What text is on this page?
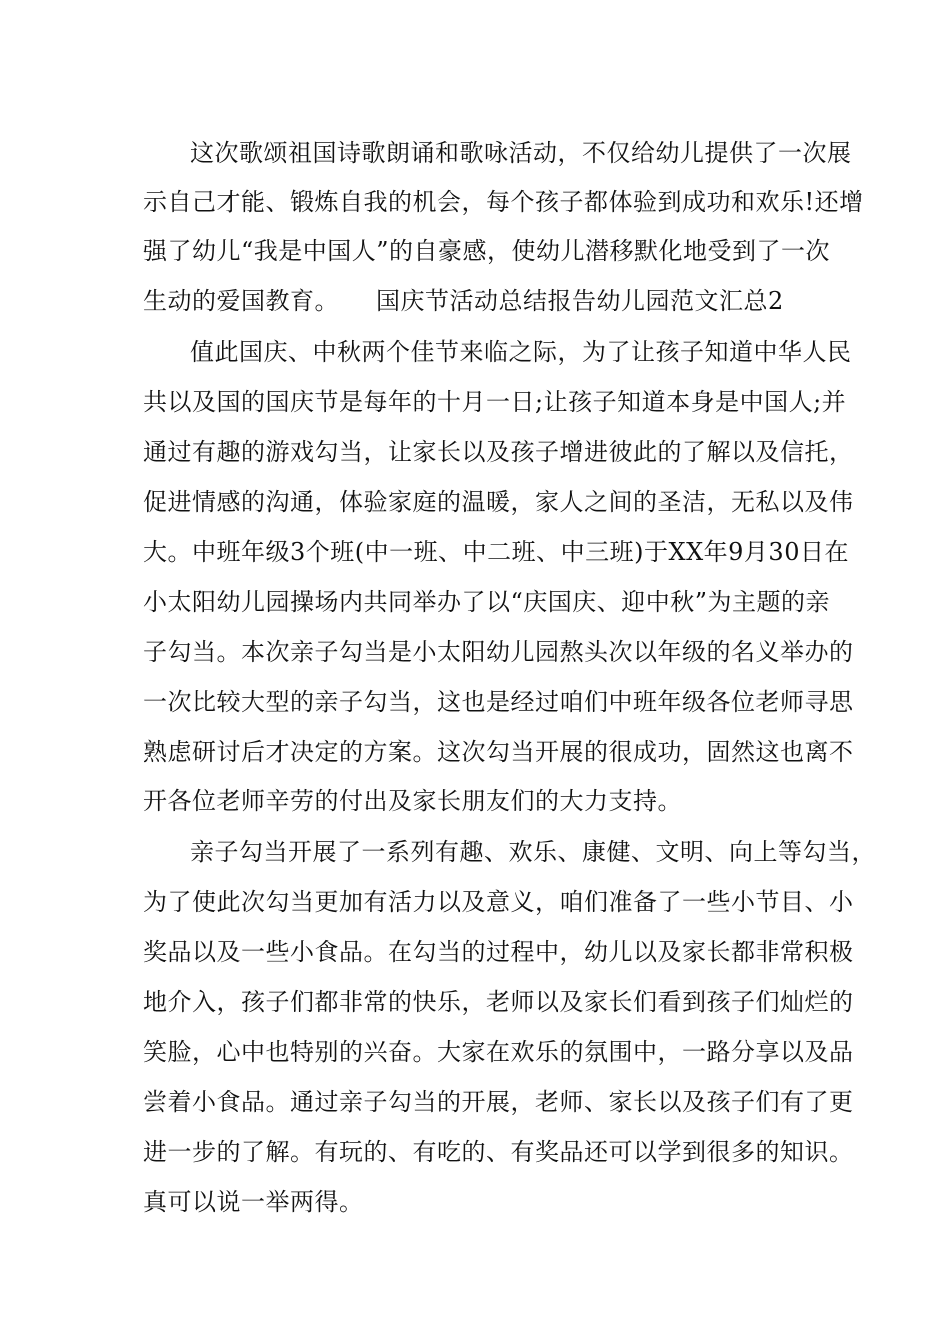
这次歌颂祖国诗歌朗诵和歌咏活动，不仅给幼儿提供了一次展
示自己才能、锻炼自我的机会，每个孩子都体验到成功和欢乐!还增
强了幼儿“我是中国人”的自豪感，使幼儿潜移默化地受到了一次
生动的爱国教育。　　国庆节活动总结报告幼儿园范文汇总2
值此国庆、中秋两个佳节来临之际，为了让孩子知道中华人民
共以及国的国庆节是每年的十月一日;让孩子知道本身是中国人;并
通过有趣的游戏勾当，让家长以及孩子增进彼此的了解以及信托，
促进情感的沟通，体验家庭的温暖，家人之间的圣洁，无私以及伟
大。中班年级3个班(中一班、中二班、中三班)于XX年9月30日在
小太阳幼儿园操场内共同举办了以“庆国庆、迎中秋”为主题的亲
子勾当。本次亲子勾当是小太阳幼儿园熬头次以年级的名义举办的
一次比较大型的亲子勾当，这也是经过咱们中班年级各位老师寻思
熟虑研讨后才决定的方案。这次勾当开展的很成功，固然这也离不
开各位老师辛劳的付出及家长朋友们的大力支持。
亲子勾当开展了一系列有趣、欢乐、康健、文明、向上等勾当，
为了使此次勾当更加有活力以及意义，咱们准备了一些小节目、小
奖品以及一些小食品。在勾当的过程中，幼儿以及家长都非常积极
地介入，孩子们都非常的快乐，老师以及家长们看到孩子们灿烂的
笑脸，心中也特别的兴奋。大家在欢乐的氛围中，一路分享以及品
尝着小食品。通过亲子勾当的开展，老师、家长以及孩子们有了更
进一步的了解。有玩的、有吃的、有奖品还可以学到很多的知识。
真可以说一举两得。
